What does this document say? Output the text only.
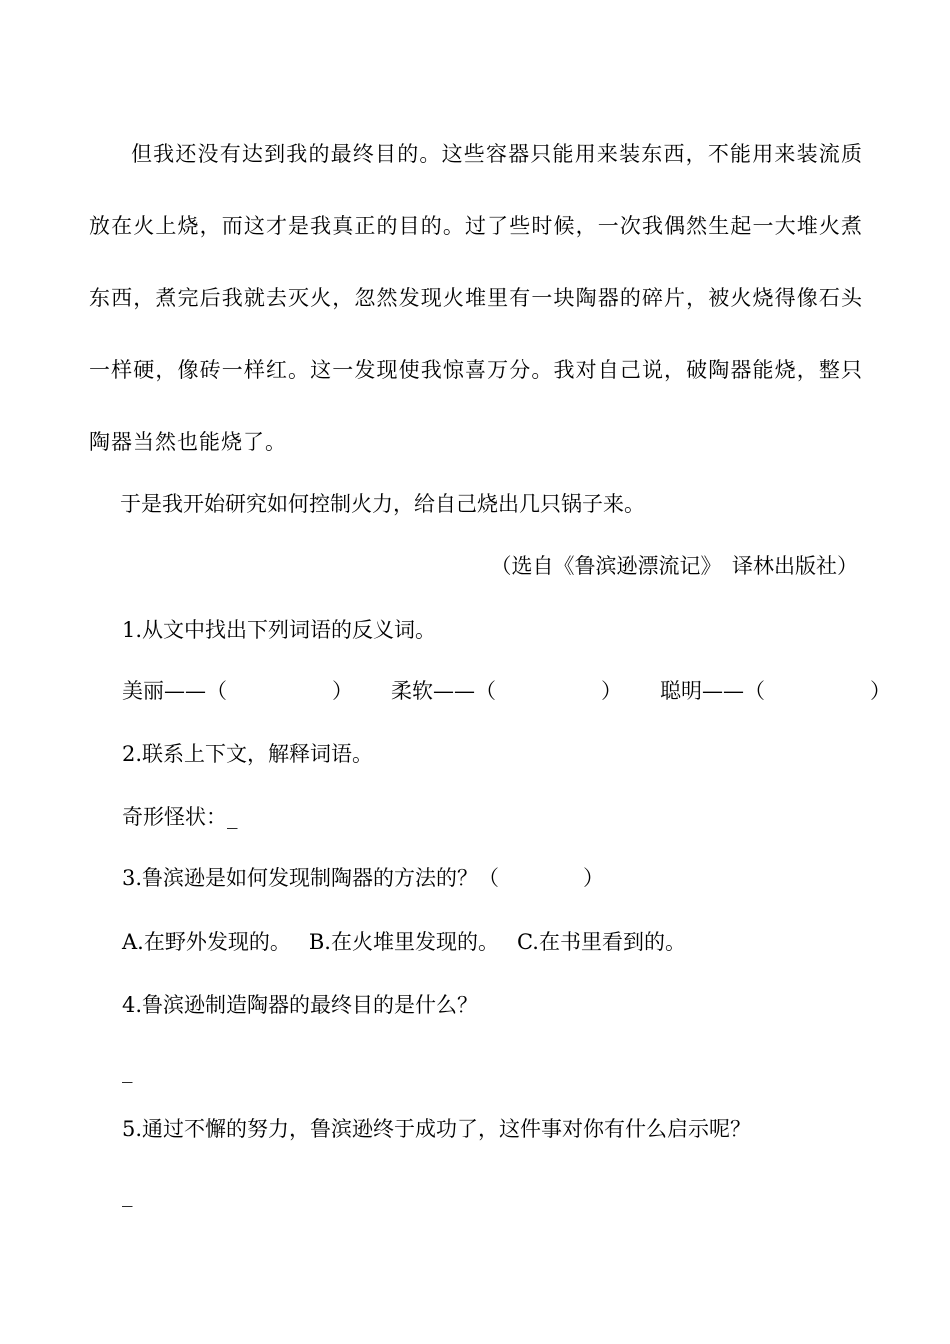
但我还没有达到我的最终目的。这些容器只能用来装东西，不能用来装流质放在火上烧，而这才是我真正的目的。过了些时候，一次我偶然生起一大堆火煮东西，煮完后我就去灭火，忽然发现火堆里有一块陶器的碎片，被火烧得像石头一样硬，像砖一样红。这一发现使我惊喜万分。我对自己说，破陶器能烧，整只陶器当然也能烧了。

于是我开始研究如何控制火力，给自己烧出几只锅子来。

（选自《鲁滨逊漂流记》　译林出版社）

1.从文中找出下列词语的反义词。

美丽——（　　　　　） 柔软——（　　　　　） 聪明——（　　　　　）

2.联系上下文，解释词语。

奇形怪状：_

3.鲁滨逊是如何发现制陶器的方法的？（　　　　）

A.在野外发现的。 B.在火堆里发现的。 C.在书里看到的。

4.鲁滨逊制造陶器的最终目的是什么？

_

5.通过不懈的努力，鲁滨逊终于成功了，这件事对你有什么启示呢？

_
